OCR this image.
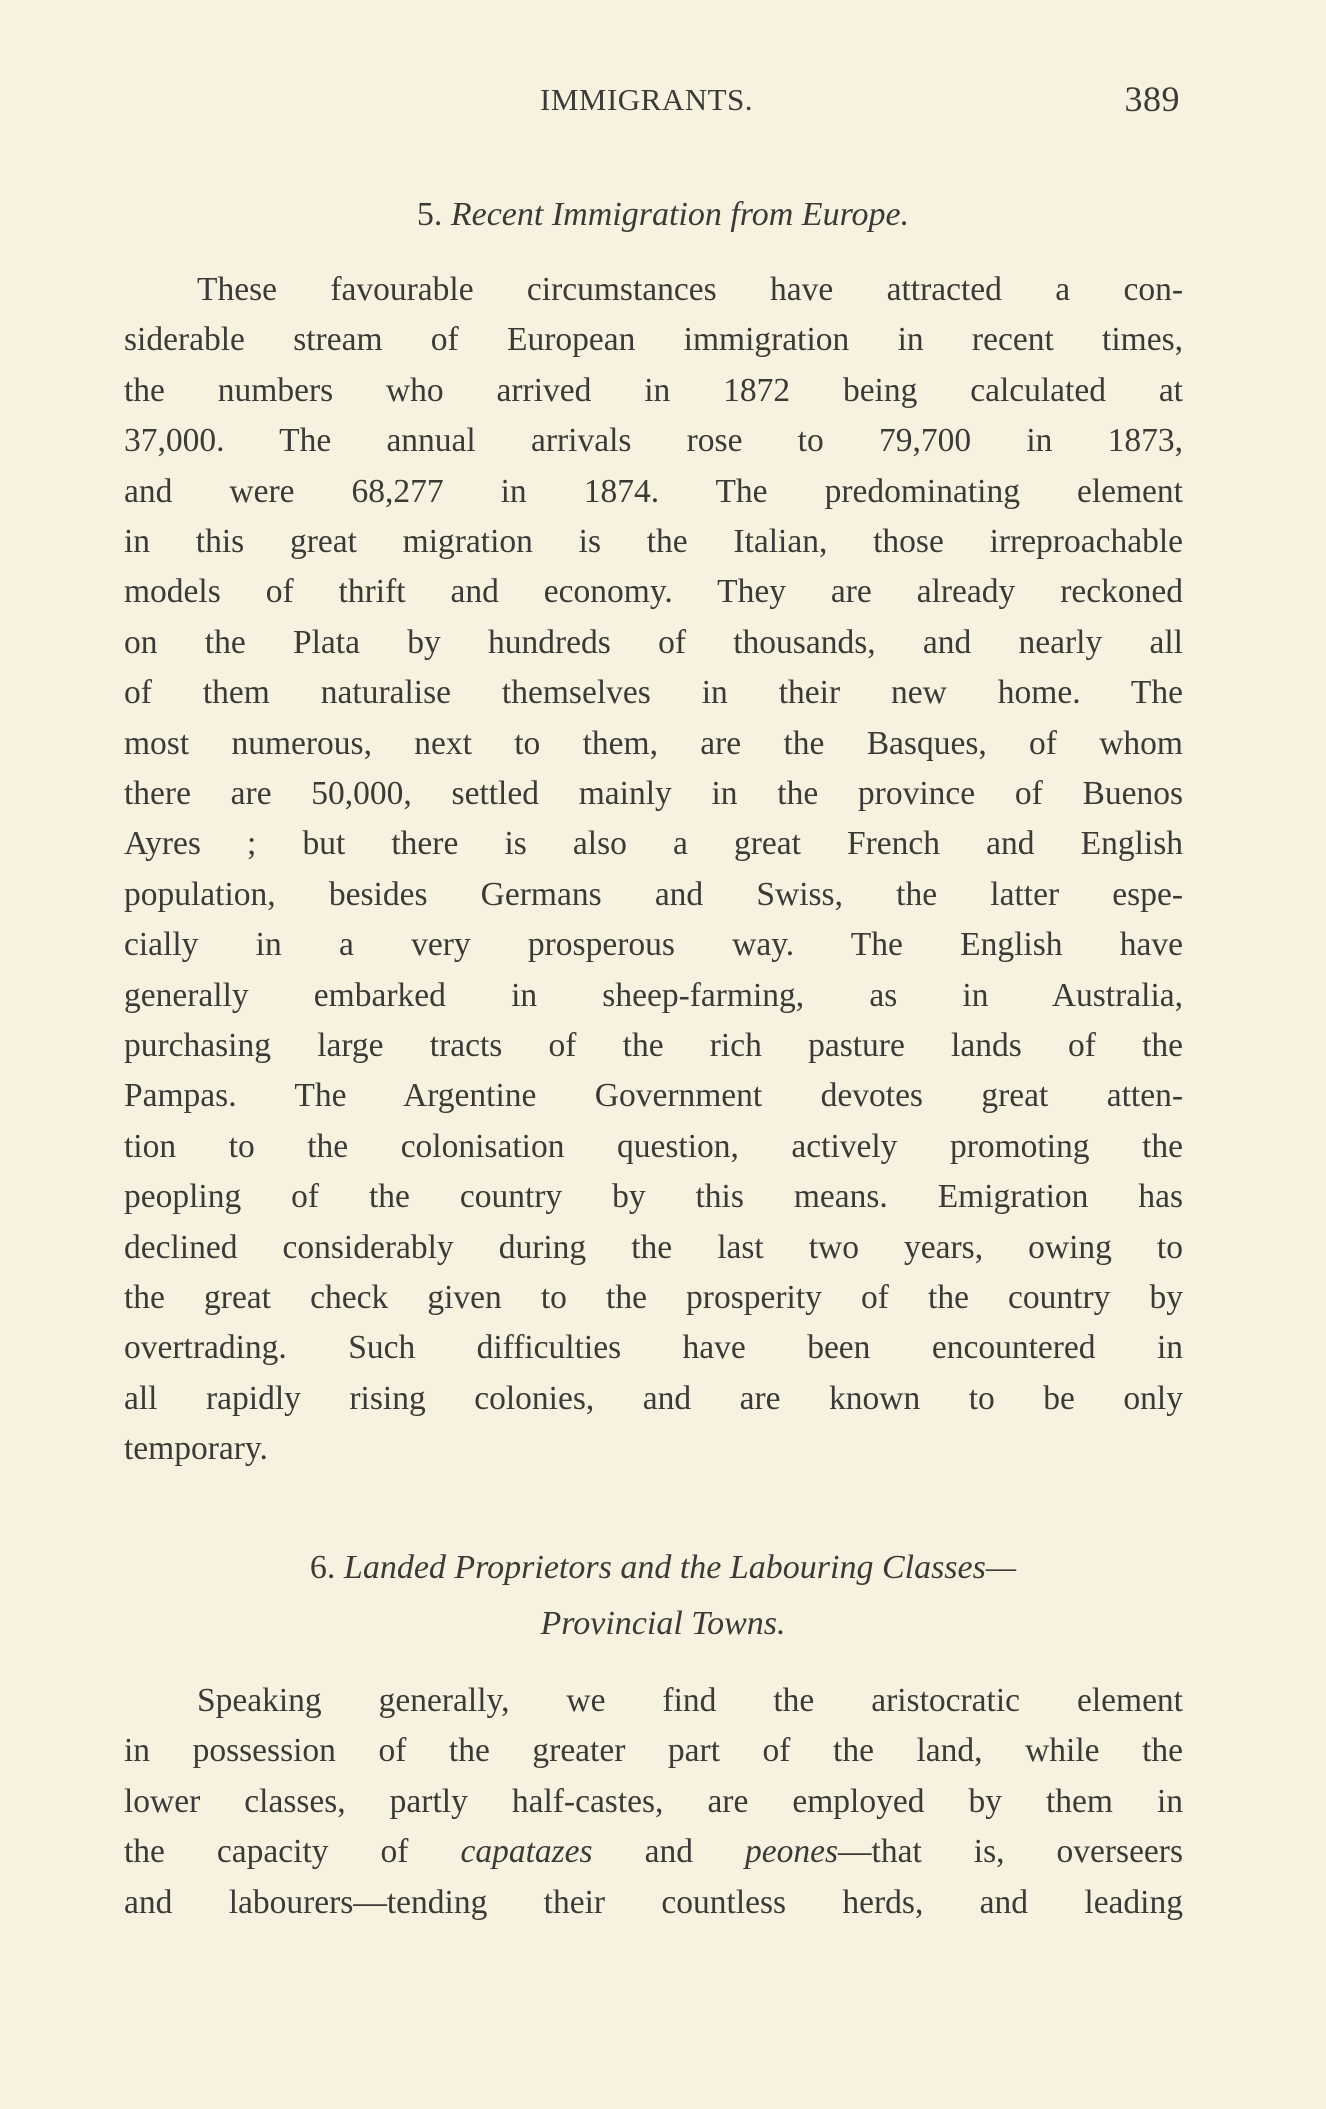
IMMIGRANTS.	389
5. Recent Immigration from Europe.
These favourable circumstances have attracted a con-
siderable stream of European immigration in recent times,
the numbers who arrived in 1872 being calculated at
37,000. The annual arrivals rose to 79,700 in 1873,
and were 68,277 in 1874. The predominating element
in this great migration is the Italian, those irreproachable
models of thrift and economy. They are already reckoned
on the Plata by hundreds of thousands, and nearly all
of them naturalise themselves in their new home. The
most numerous, next to them, are the Basques, of whom
there are 50,000, settled mainly in the province of Buenos
Ayres ; but there is also a great French and English
population, besides Germans and Swiss, the latter espe-
cially in a very prosperous way. The English have
generally embarked in sheep-farming, as in Australia,
purchasing large tracts of the rich pasture lands of the
Pampas. The Argentine Government devotes great atten-
tion to the colonisation question, actively promoting the
peopling of the country by this means. Emigration has
declined considerably during the last two years, owing to
the great check given to the prosperity of the country by
overtrading. Such difficulties have been encountered in
all rapidly rising colonies, and are known to be only
temporary.
6. Landed Proprietors and the Labouring Classes—
Provincial Towns.
Speaking generally, we find the aristocratic element
in possession of the greater part of the land, while the
lower classes, partly half-castes, are employed by them in
the capacity of capatazes and peones—that is, overseers
and labourers—tending their countless herds, and leading
